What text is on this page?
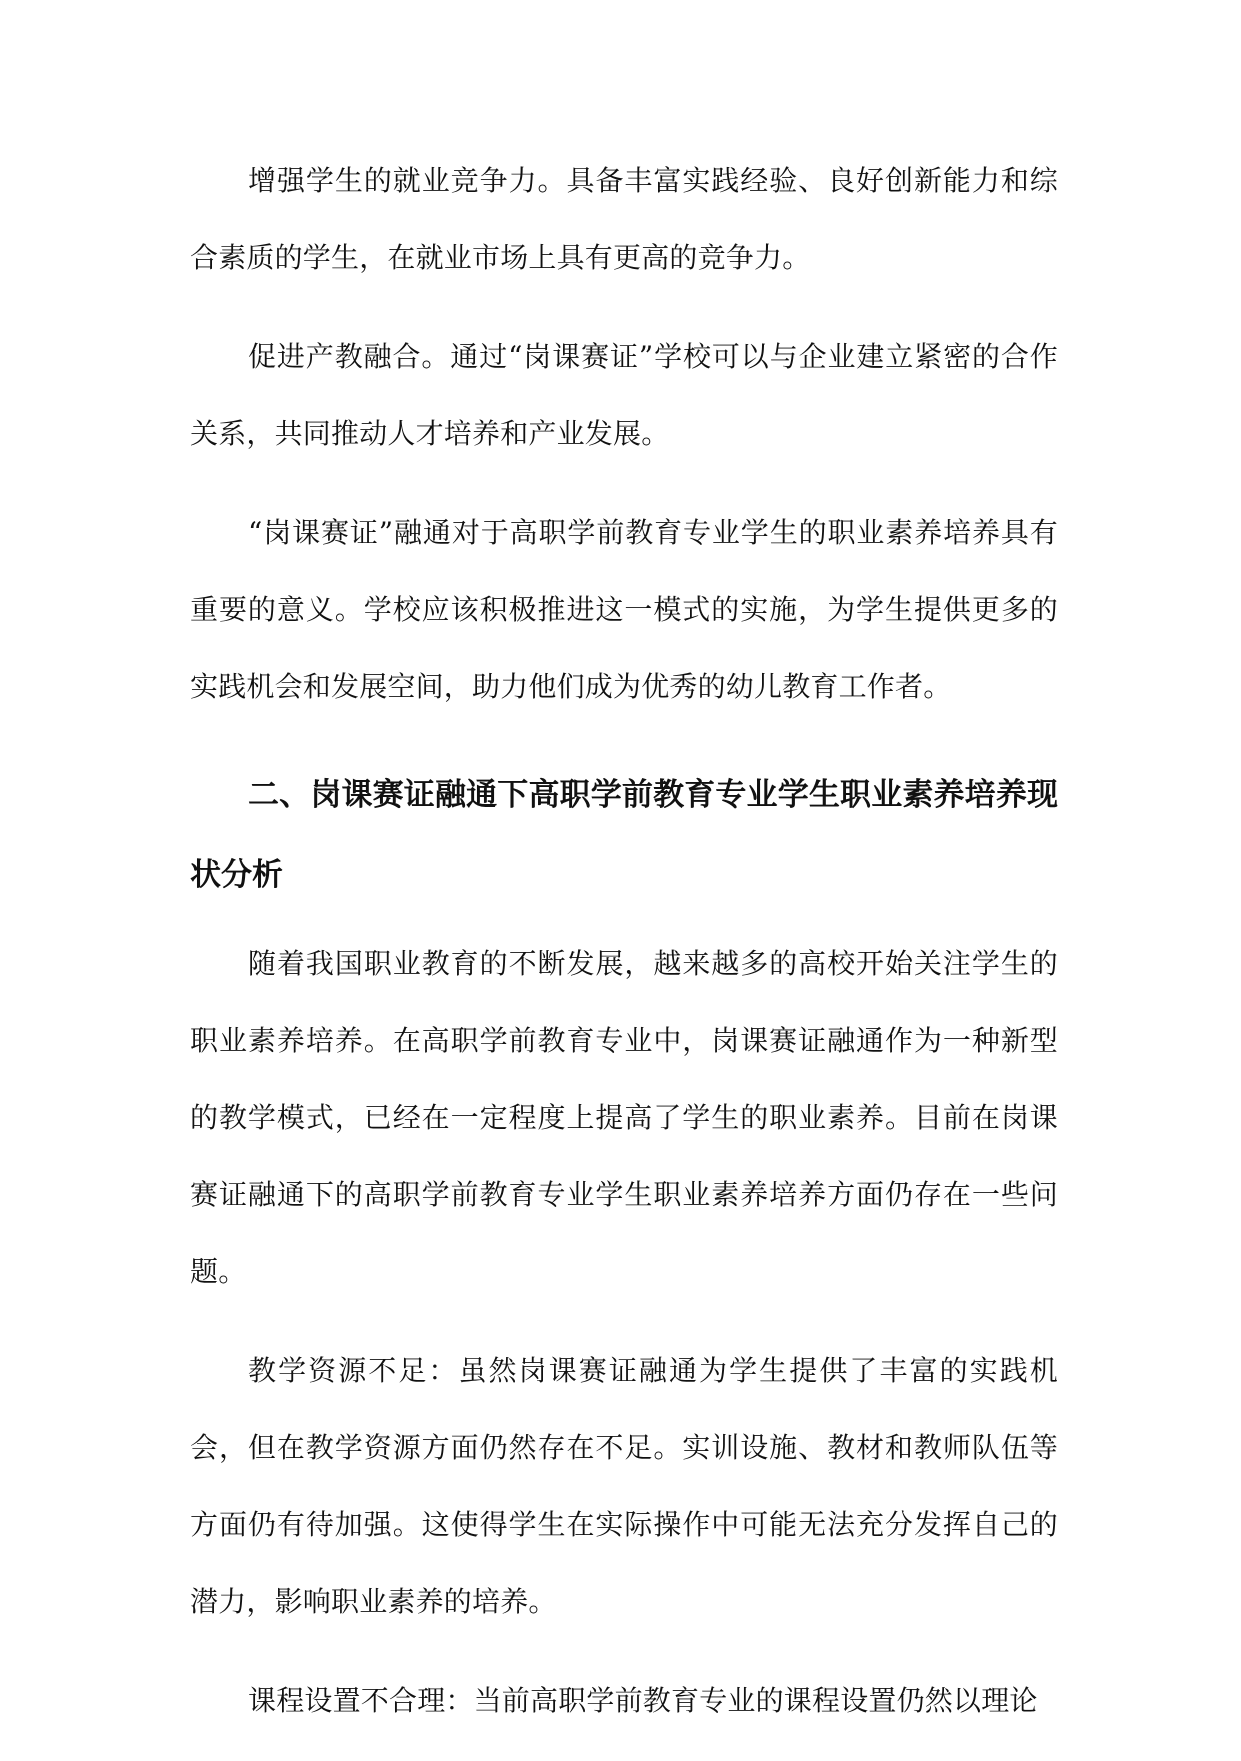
增强学生的就业竞争力。具备丰富实践经验、良好创新能力和综合素质的学生，在就业市场上具有更高的竞争力。

促进产教融合。通过“岗课赛证”学校可以与企业建立紧密的合作关系，共同推动人才培养和产业发展。

“岗课赛证”融通对于高职学前教育专业学生的职业素养培养具有重要的意义。学校应该积极推进这一模式的实施，为学生提供更多的实践机会和发展空间，助力他们成为优秀的幼儿教育工作者。

二、岗课赛证融通下高职学前教育专业学生职业素养培养现状分析

随着我国职业教育的不断发展，越来越多的高校开始关注学生的职业素养培养。在高职学前教育专业中，岗课赛证融通作为一种新型的教学模式，已经在一定程度上提高了学生的职业素养。目前在岗课赛证融通下的高职学前教育专业学生职业素养培养方面仍存在一些问题。

教学资源不足：虽然岗课赛证融通为学生提供了丰富的实践机会，但在教学资源方面仍然存在不足。实训设施、教材和教师队伍等方面仍有待加强。这使得学生在实际操作中可能无法充分发挥自己的潜力，影响职业素养的培养。

课程设置不合理：当前高职学前教育专业的课程设置仍然以理论
